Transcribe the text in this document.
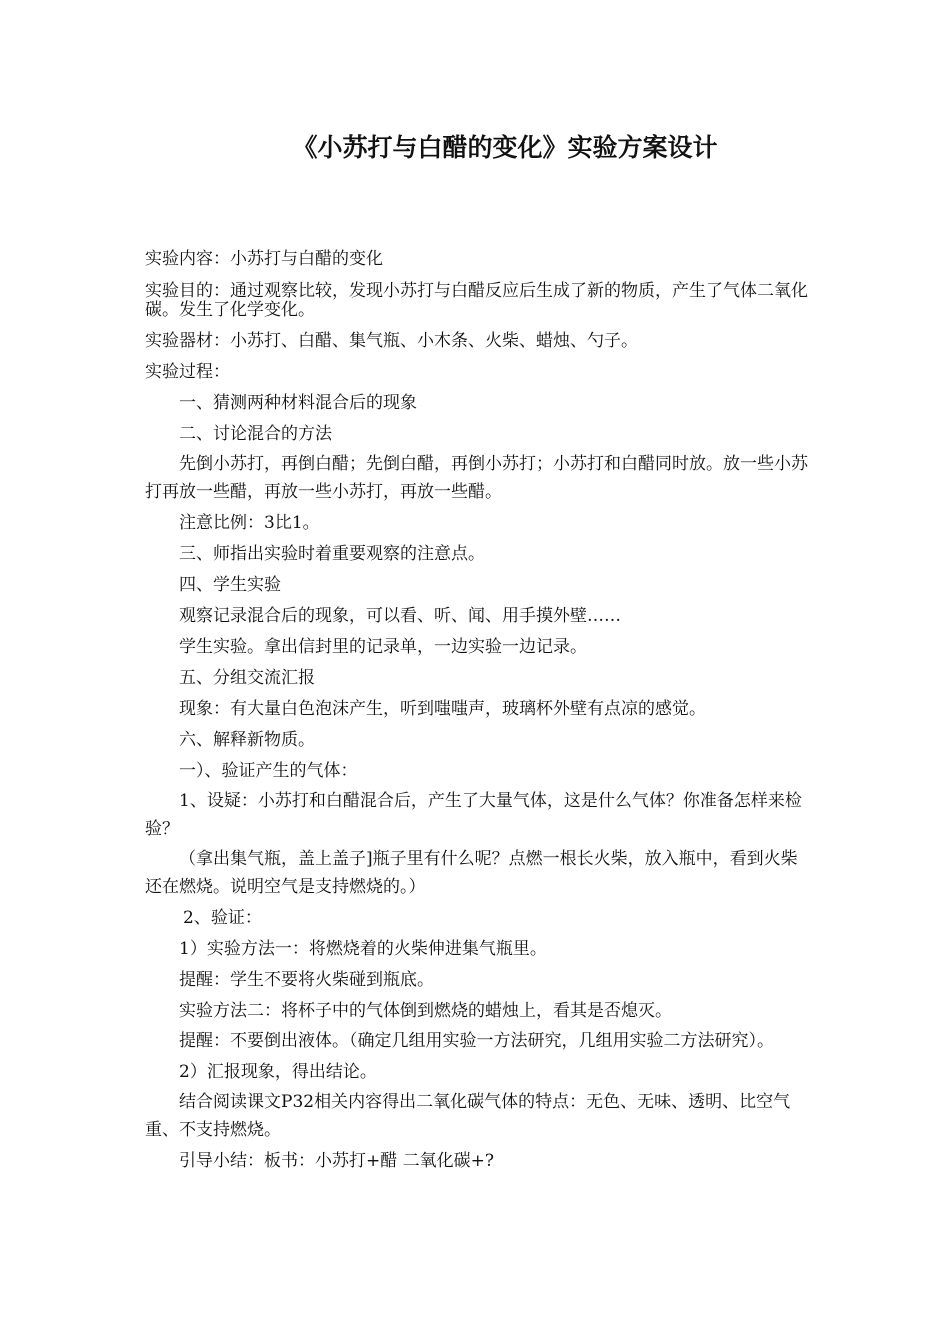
《小苏打与白醋的变化》实验方案设计

实验内容：小苏打与白醋的变化

实验目的：通过观察比较，发现小苏打与白醋反应后生成了新的物质，产生了气体二氧化碳。发生了化学变化。

实验器材：小苏打、白醋、集气瓶、小木条、火柴、蜡烛、勺子。

实验过程：

一、猜测两种材料混合后的现象

二、讨论混合的方法

先倒小苏打，再倒白醋；先倒白醋，再倒小苏打；小苏打和白醋同时放。放一些小苏打再放一些醋，再放一些小苏打，再放一些醋。

注意比例：3比1。

三、师指出实验时着重要观察的注意点。

四、学生实验

观察记录混合后的现象，可以看、听、闻、用手摸外壁……

学生实验。拿出信封里的记录单，一边实验一边记录。

五、分组交流汇报

现象：有大量白色泡沫产生，听到嗤嗤声，玻璃杯外壁有点凉的感觉。

六、解释新物质。

一）、验证产生的气体：

1、设疑：小苏打和白醋混合后，产生了大量气体，这是什么气体？你准备怎样来检验？

（拿出集气瓶，盖上盖子]瓶子里有什么呢？点燃一根长火柴，放入瓶中，看到火柴还在燃烧。说明空气是支持燃烧的。）

2、验证：

1）实验方法一：将燃烧着的火柴伸进集气瓶里。

提醒：学生不要将火柴碰到瓶底。

实验方法二：将杯子中的气体倒到燃烧的蜡烛上，看其是否熄灭。

提醒：不要倒出液体。（确定几组用实验一方法研究，几组用实验二方法研究）。

2）汇报现象，得出结论。

结合阅读课文P32相关内容得出二氧化碳气体的特点：无色、无味、透明、比空气重、不支持燃烧。

引导小结：板书：小苏打+醋 二氧化碳+?
